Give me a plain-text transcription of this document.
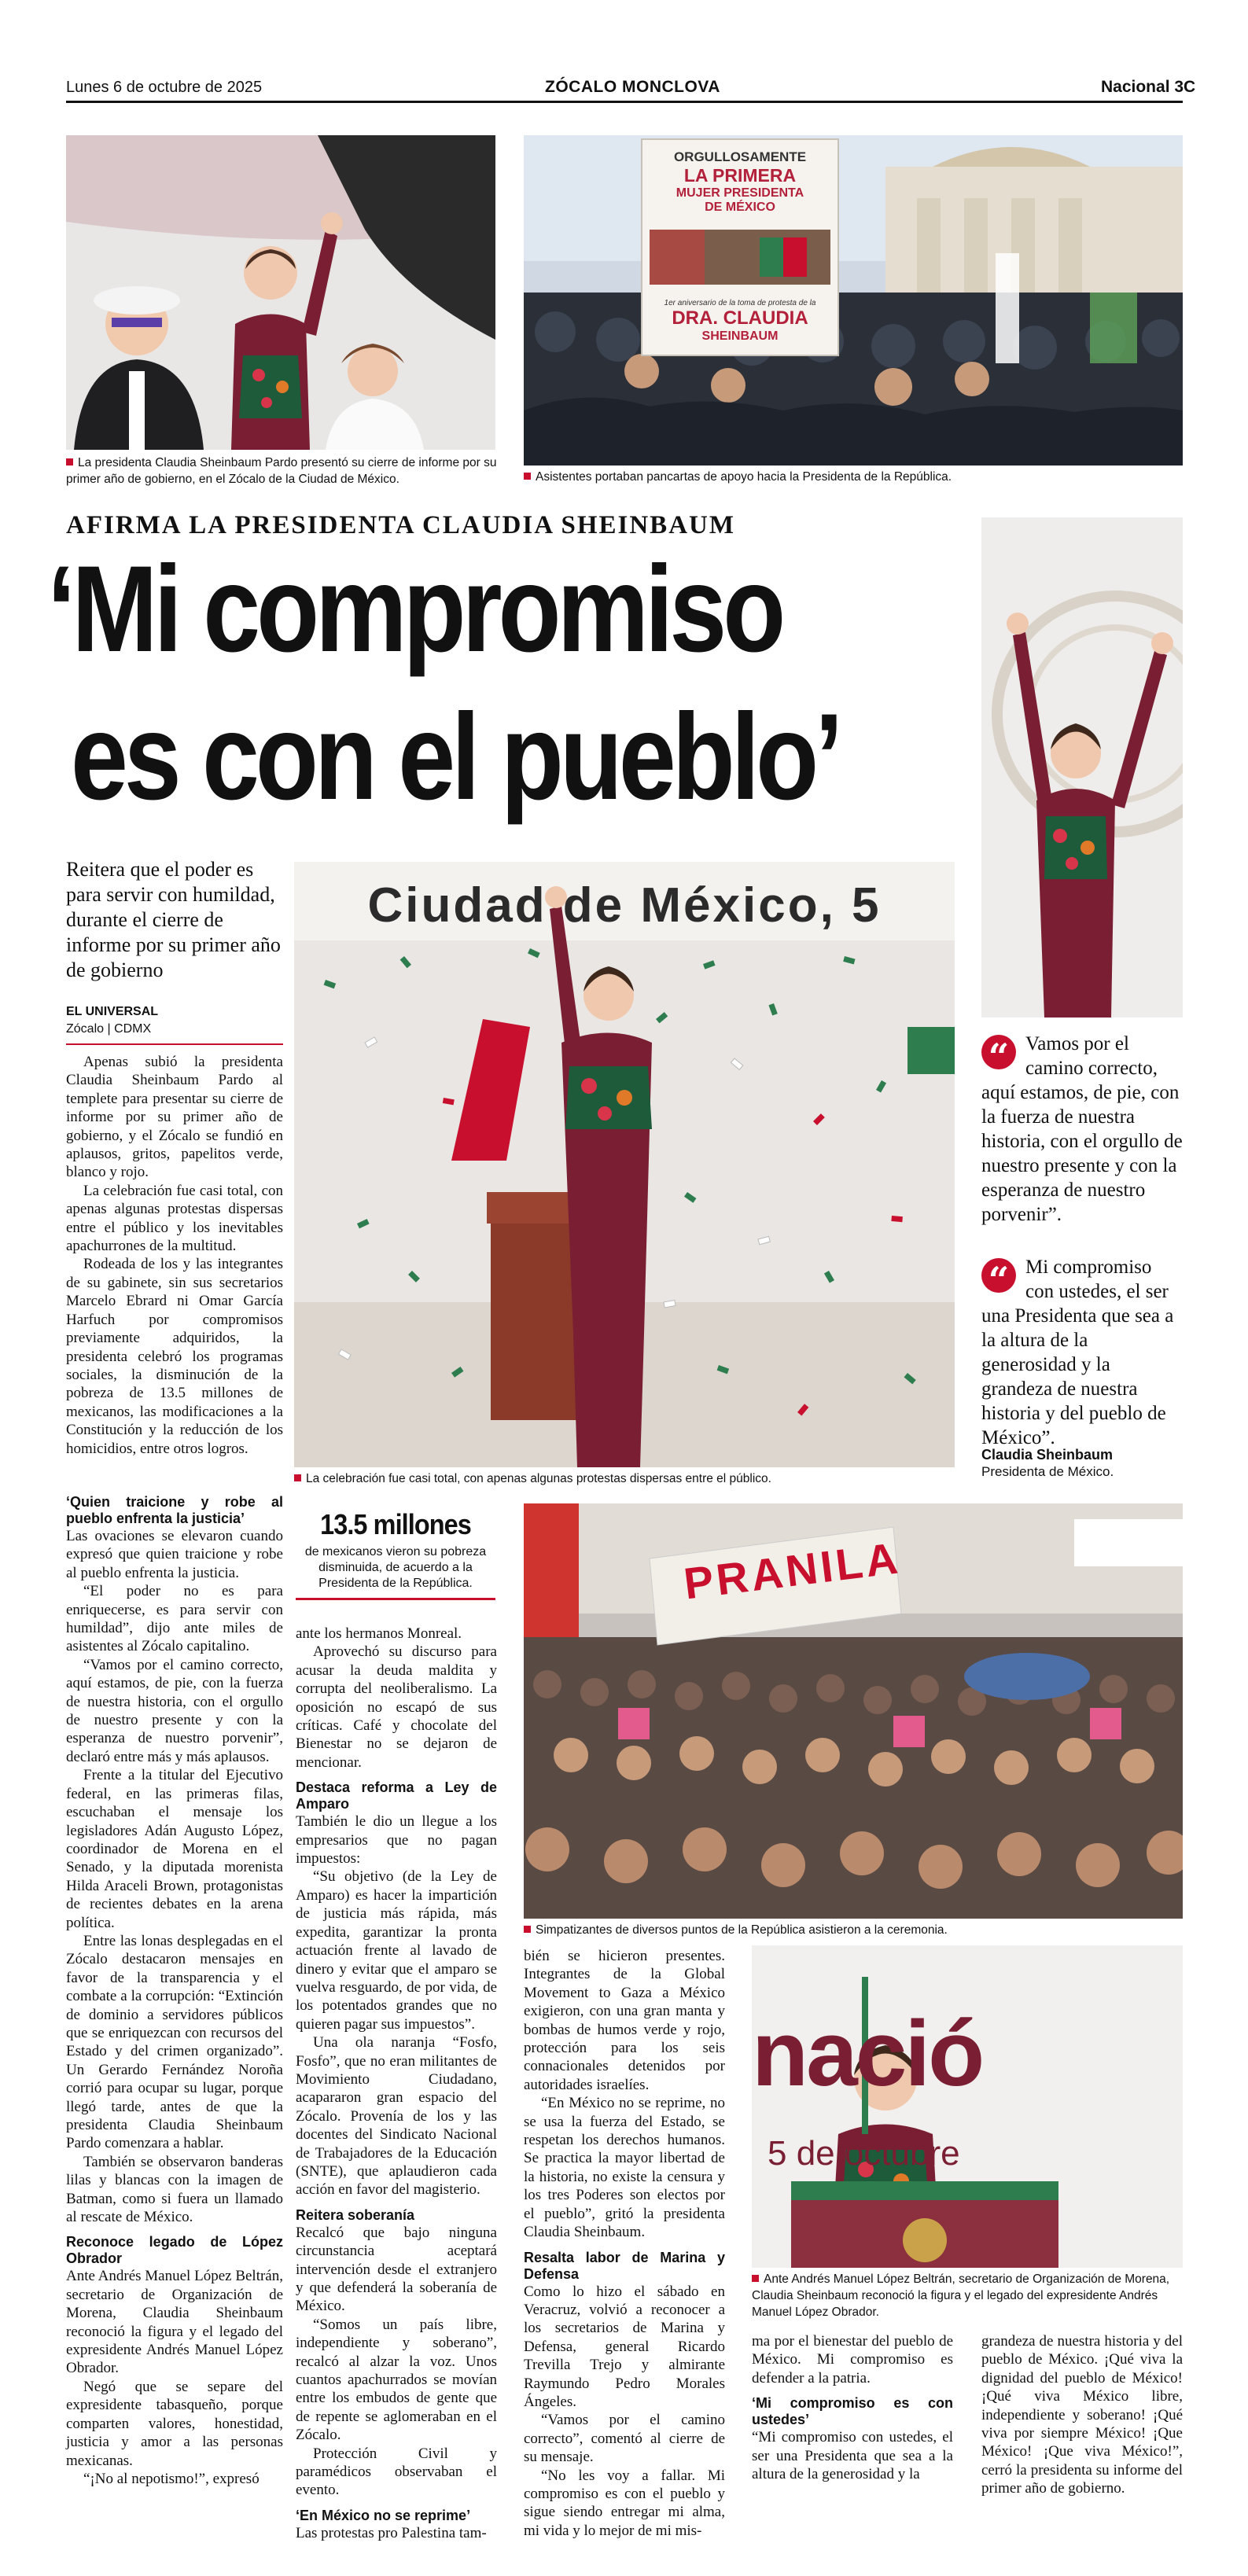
Lunes 6 de octubre de 2025	ZÓCALO MONCLOVA	Nacional 3C
La presidenta Claudia Sheinbaum Pardo presentó su cierre de informe por su primer año de gobierno, en el Zócalo de la Ciudad de México.
ORGULLOSAMENTE
LA PRIMERA
MUJER PRESIDENTA
DE MÉXICO
1er aniversario de la toma de protesta de la
DRA. CLAUDIA
SHEINBAUM
Asistentes portaban pancartas de apoyo hacia la Presidenta de la República.
AFIRMA LA PRESIDENTA CLAUDIA SHEINBAUM
‘Mi compromiso
es con el pueblo’
Reitera que el poder es para servir con humildad, durante el cierre de informe por su primer año de gobierno
EL UNIVERSAL
Zócalo | CDMX
Ciudad de México, 5
La celebración fue casi total, con apenas algunas protestas dispersas entre el público.
“ Vamos por el camino correcto, aquí estamos, de pie, con la fuerza de nuestra historia, con el orgullo de nuestro presente y con la esperanza de nuestro porvenir”.
“ Mi compromiso con ustedes, el ser una Presidenta que sea a la altura de la generosidad y la grandeza de nuestra historia y del pueblo de México”.
Claudia Sheinbaum
Presidenta de México.

Apenas subió la presidenta Claudia Sheinbaum Pardo al templete para presentar su cierre de informe por su primer año de gobierno, y el Zócalo se fundió en aplausos, gritos, papelitos verde, blanco y rojo.

La celebración fue casi total, con apenas algunas protestas dispersas entre el público y los inevitables apachurrones de la multitud.

Rodeada de los y las integrantes de su gabinete, sin sus secretarios Marcelo Ebrard ni Omar García Harfuch por compromisos previamente adquiridos, la presidenta celebró los programas sociales, la disminución de la pobreza de 13.5 millones de mexicanos, las modificaciones a la Constitución y la reducción de los homicidios, entre otros logros.

‘Quien traicione y robe al pueblo enfrenta la justicia’

Las ovaciones se elevaron cuando expresó que quien traicione y robe al pueblo enfrenta la justicia.

“El poder no es para enriquecerse, es para servir con humildad”, dijo ante miles de asistentes al Zócalo capitalino.

“Vamos por el camino correcto, aquí estamos, de pie, con la fuerza de nuestra historia, con el orgullo de nuestro presente y con la esperanza de nuestro porvenir”, declaró entre más y más aplausos.

Frente a la titular del Ejecutivo federal, en las primeras filas, escuchaban el mensaje los legisladores Adán Augusto López, coordinador de Morena en el Senado, y la diputada morenista Hilda Araceli Brown, protagonistas de recientes debates en la arena política.

Entre las lonas desplegadas en el Zócalo destacaron mensajes en favor de la transparencia y el combate a la corrupción: “Extinción de dominio a servidores públicos que se enriquezcan con recursos del Estado y del crimen organizado”. Un Gerardo Fernández Noroña corrió para ocupar su lugar, porque llegó tarde, antes de que la presidenta Claudia Sheinbaum Pardo comenzara a hablar.

También se observaron banderas lilas y blancas con la imagen de Batman, como si fuera un llamado al rescate de México.

Reconoce legado de López Obrador

Ante Andrés Manuel López Beltrán, secretario de Organización de Morena, Claudia Sheinbaum reconoció la figura y el legado del expresidente Andrés Manuel López Obrador.

Negó que se separe del expresidente tabasqueño, porque comparten valores, honestidad, justicia y amor a las personas mexicanas.

“¡No al nepotismo!”, expresó

13.5 millones
de mexicanos vieron su pobreza disminuida, de acuerdo a la Presidenta de la República.

ante los hermanos Monreal.

Aprovechó su discurso para acusar la deuda maldita y corrupta del neoliberalismo. La oposición no escapó de sus críticas. Café y chocolate del Bienestar no se dejaron de mencionar.

Destaca reforma a Ley de Amparo

También le dio un llegue a los empresarios que no pagan impuestos:

“Su objetivo (de la Ley de Amparo) es hacer la impartición de justicia más rápida, más expedita, garantizar la pronta actuación frente al lavado de dinero y evitar que el amparo se vuelva resguardo, de por vida, de los potentados grandes que no quieren pagar sus impuestos”.

Una ola naranja “Fosfo, Fosfo”, que no eran militantes de Movimiento Ciudadano, acapararon gran espacio del Zócalo. Provenía de los y las docentes del Sindicato Nacional de Trabajadores de la Educación (SNTE), que aplaudieron cada acción en favor del magisterio.

Reitera soberanía

Recalcó que bajo ninguna circunstancia aceptará intervención desde el extranjero y que defenderá la soberanía de México.

“Somos un país libre, independiente y soberano”, recalcó al alzar la voz. Unos cuantos apachurrados se movían entre los embudos de gente que de repente se aglomeraban en el Zócalo.

Protección Civil y paramédicos observaban el evento.

‘En México no se reprime’

Las protestas pro Palestina tam-

PRANILA
Simpatizantes de diversos puntos de la República asistieron a la ceremonia.

bién se hicieron presentes. Integrantes de la Global Movement to Gaza a México exigieron, con una gran manta y bombas de humos verde y rojo, protección para los seis connacionales detenidos por autoridades israelíes.

“En México no se reprime, no se usa la fuerza del Estado, se respetan los derechos humanos. Se practica la mayor libertad de la historia, no existe la censura y los tres Poderes son electos por el pueblo”, gritó la presidenta Claudia Sheinbaum.

Resalta labor de Marina y Defensa

Como lo hizo el sábado en Veracruz, volvió a reconocer a los secretarios de Marina y Defensa, general Ricardo Trevilla Trejo y almirante Raymundo Pedro Morales Ángeles.

“Vamos por el camino correcto”, comentó al cierre de su mensaje.

“No les voy a fallar. Mi compromiso es con el pueblo y sigue siendo entregar mi alma, mi vida y lo mejor de mi mis-

nació
5 de octubre
Ante Andrés Manuel López Beltrán, secretario de Organización de Morena, Claudia Sheinbaum reconoció la figura y el legado del expresidente Andrés Manuel López Obrador.

ma por el bienestar del pueblo de México. Mi compromiso es defender a la patria.

‘Mi compromiso es con ustedes’

“Mi compromiso con ustedes, el ser una Presidenta que sea a la altura de la generosidad y la

grandeza de nuestra historia y del pueblo de México. ¡Qué viva la dignidad del pueblo de México! ¡Qué viva México libre, independiente y soberano! ¡Qué viva por siempre México! ¡Que México! ¡Que viva México!”, cerró la presidenta su informe del primer año de gobierno.
